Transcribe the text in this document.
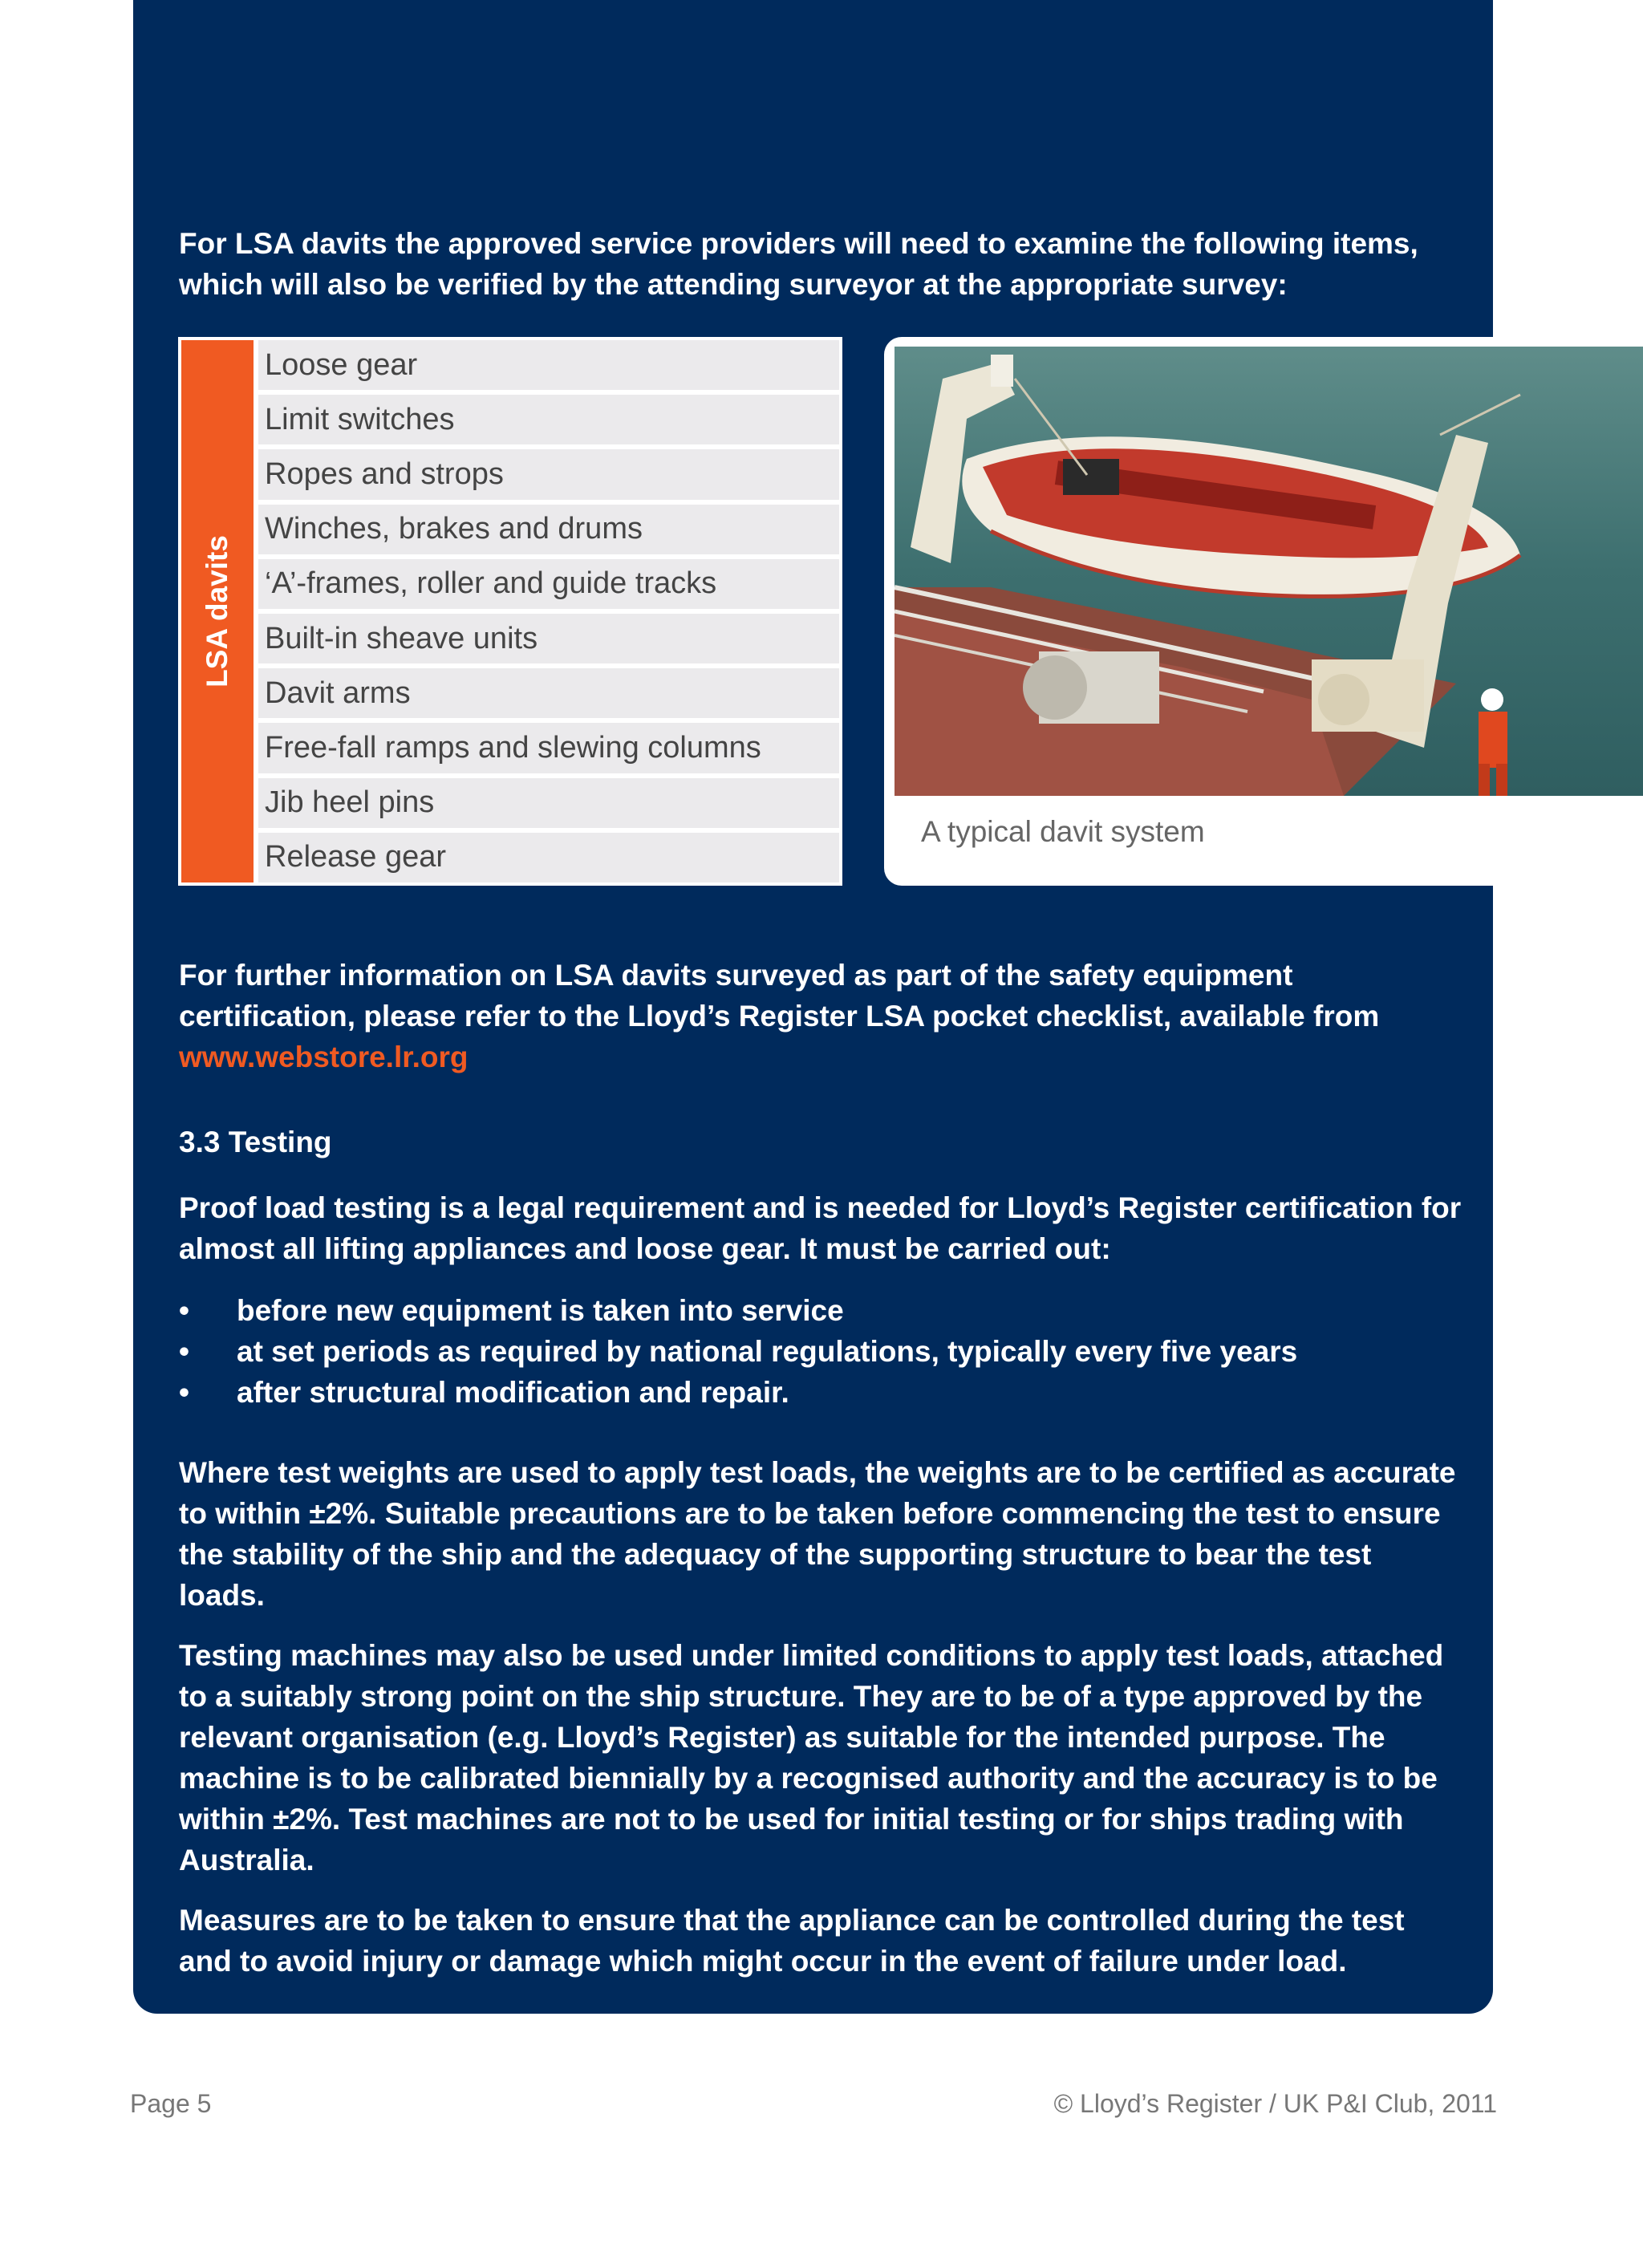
For LSA davits the approved service providers will need to examine the following items, which will also be verified by the attending surveyor at the appropriate survey:
LSA davits
Loose gear
Limit switches
Ropes and strops
Winches, brakes and drums
‘A’-frames, roller and guide tracks
Built-in sheave units
Davit arms
Free-fall ramps and slewing columns
Jib heel pins
Release gear
A typical davit system
For further information on LSA davits surveyed as part of the safety equipment certification, please refer to the Lloyd’s Register LSA pocket checklist, available from www.webstore.lr.org
3.3 Testing
Proof load testing is a legal requirement and is needed for Lloyd’s Register certification for almost all lifting appliances and loose gear. It must be carried out:
• before new equipment is taken into service
• at set periods as required by national regulations, typically every five years
• after structural modification and repair.
Where test weights are used to apply test loads, the weights are to be certified as accurate to within ±2%. Suitable precautions are to be taken before commencing the test to ensure the stability of the ship and the adequacy of the supporting structure to bear the test loads.
Testing machines may also be used under limited conditions to apply test loads, attached to a suitably strong point on the ship structure. They are to be of a type approved by the relevant organisation (e.g. Lloyd’s Register) as suitable for the intended purpose. The machine is to be calibrated biennially by a recognised authority and the accuracy is to be within ±2%. Test machines are not to be used for initial testing or for ships trading with Australia.
Measures are to be taken to ensure that the appliance can be controlled during the test and to avoid injury or damage which might occur in the event of failure under load.
Page 5	© Lloyd’s Register / UK P&I Club, 2011
